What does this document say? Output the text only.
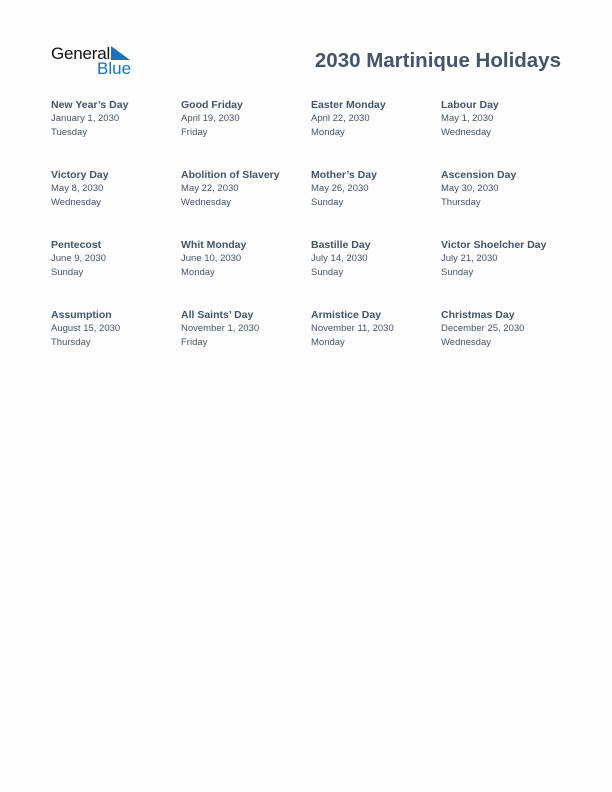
General
Blue	2030 Martinique Holidays
New Year’s Day
January 1, 2030
Tuesday
Good Friday
April 19, 2030
Friday
Easter Monday
April 22, 2030
Monday
Labour Day
May 1, 2030
Wednesday
Victory Day
May 8, 2030
Wednesday
Abolition of Slavery
May 22, 2030
Wednesday
Mother’s Day
May 26, 2030
Sunday
Ascension Day
May 30, 2030
Thursday
Pentecost
June 9, 2030
Sunday
Whit Monday
June 10, 2030
Monday
Bastille Day
July 14, 2030
Sunday
Victor Shoelcher Day
July 21, 2030
Sunday
Assumption
August 15, 2030
Thursday
All Saints’ Day
November 1, 2030
Friday
Armistice Day
November 11, 2030
Monday
Christmas Day
December 25, 2030
Wednesday
